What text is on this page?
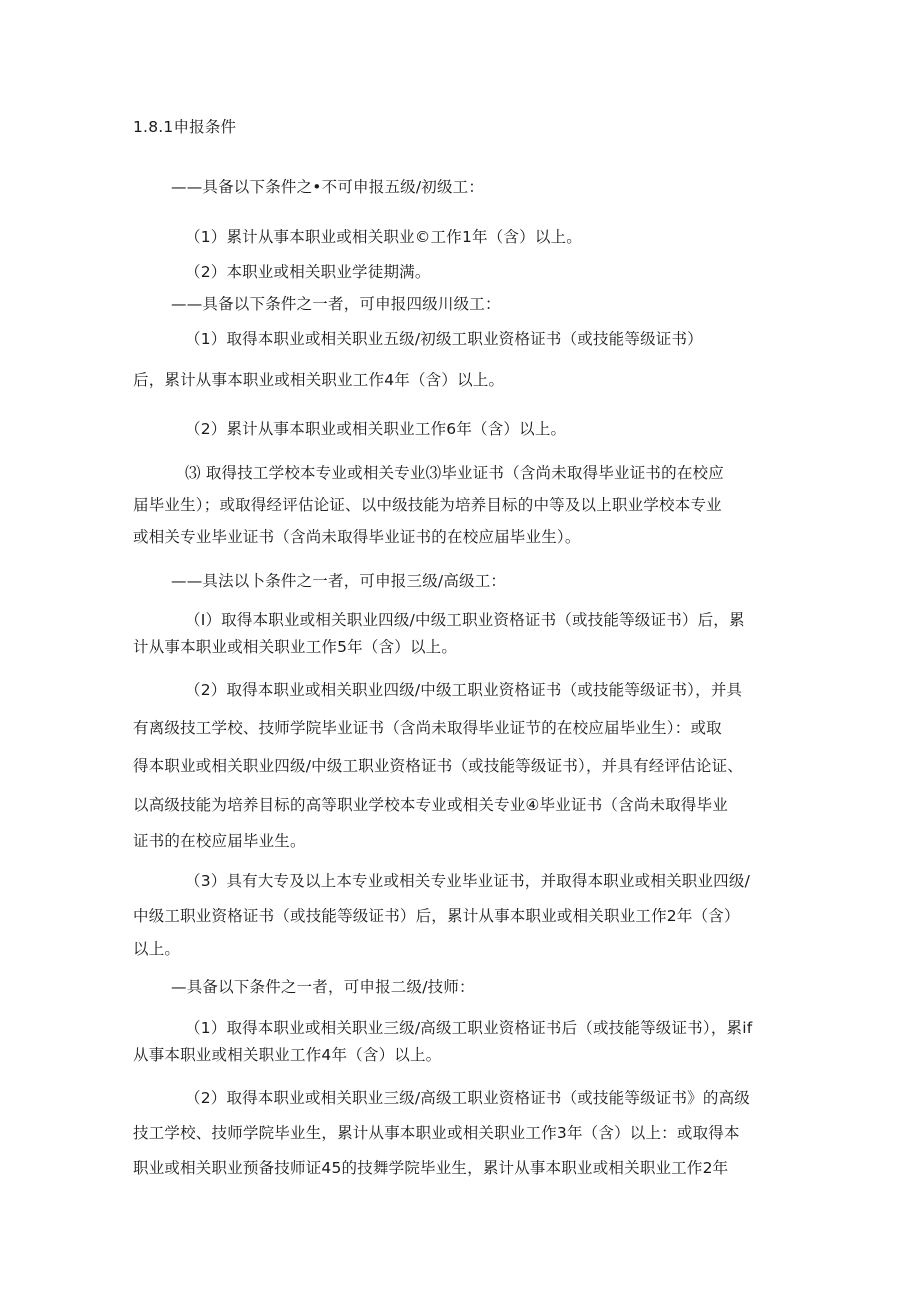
1.8.1申报条件
——具备以下条件之•不可申报五级/初级工：
（1）累计从事本职业或相关职业©工作1年（含）以上。
（2）本职业或相关职业学徒期满。
——具备以下条件之一者，可申报四级川级工：
（1）取得本职业或相关职业五级/初级工职业资格证书（或技能等级证书）
后，累计从事本职业或相关职业工作4年（含）以上。
（2）累计从事本职业或相关职业工作6年（含）以上。
⑶ 取得技工学校本专业或相关专业⑶毕业证书（含尚未取得毕业证书的在校应
届毕业生）；或取得经评估论证、以中级技能为培养目标的中等及以上职业学校本专业
或相关专业毕业证书（含尚未取得毕业证书的在校应届毕业生）。
——具法以卜条件之一者，可申报三级/高级工：
（I）取得本职业或相关职业四级/中级工职业资格证书（或技能等级证书）后，累
计从事本职业或相关职业工作5年（含）以上。
（2）取得本职业或相关职业四级/中级工职业资格证书（或技能等级证书），并具
有离级技工学校、技师学院毕业证书（含尚未取得毕业证节的在校应届毕业生）：或取
得本职业或相关职业四级/中级工职业资格证书（或技能等级证书），并具有经评估论证、
以高级技能为培养目标的高等职业学校本专业或相关专业④毕业证书（含尚未取得毕业
证书的在校应届毕业生。
（3）具有大专及以上本专业或相关专业毕业证书，并取得本职业或相关职业四级/
中级工职业资格证书（或技能等级证书）后，累计从事本职业或相关职业工作2年（含）
以上。
—具备以下条件之一者，可申报二级/技师：
（1）取得本职业或相关职业三级/高级工职业资格证书后（或技能等级证书），累if
从事本职业或相关职业工作4年（含）以上。
（2）取得本职业或相关职业三级/高级工职业资格证书（或技能等级证书》的高级
技工学校、技师学院毕业生，累计从事本职业或相关职业工作3年（含）以上：或取得本
职业或相关职业预备技师证45的技舞学院毕业生，累计从事本职业或相关职业工作2年
